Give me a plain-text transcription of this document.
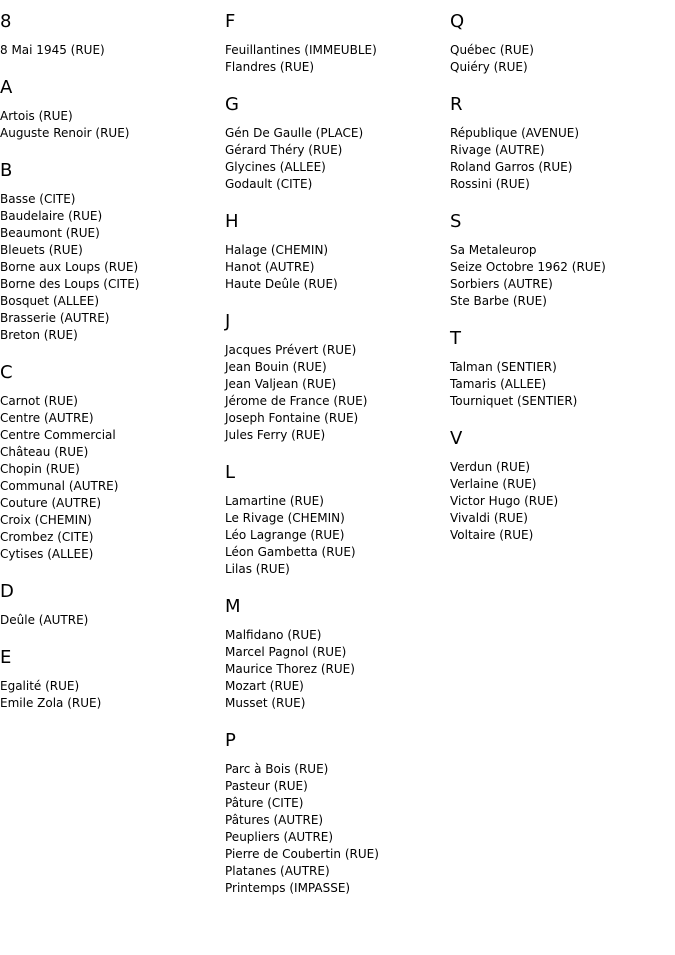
8
8 Mai 1945 (RUE)
A
Artois (RUE)
Auguste Renoir (RUE)
B
Basse (CITE)
Baudelaire (RUE)
Beaumont (RUE)
Bleuets (RUE)
Borne aux Loups (RUE)
Borne des Loups (CITE)
Bosquet (ALLEE)
Brasserie (AUTRE)
Breton (RUE)
C
Carnot (RUE)
Centre (AUTRE)
Centre Commercial
Château (RUE)
Chopin (RUE)
Communal (AUTRE)
Couture (AUTRE)
Croix (CHEMIN)
Crombez (CITE)
Cytises (ALLEE)
D
Deûle (AUTRE)
E
Egalité (RUE)
Emile Zola (RUE)
F
Feuillantines (IMMEUBLE)
Flandres (RUE)
G
Gén De Gaulle (PLACE)
Gérard Théry (RUE)
Glycines (ALLEE)
Godault (CITE)
H
Halage (CHEMIN)
Hanot (AUTRE)
Haute Deûle (RUE)
J
Jacques Prévert (RUE)
Jean Bouin (RUE)
Jean Valjean (RUE)
Jérome de France (RUE)
Joseph Fontaine (RUE)
Jules Ferry (RUE)
L
Lamartine (RUE)
Le Rivage (CHEMIN)
Léo Lagrange (RUE)
Léon Gambetta (RUE)
Lilas (RUE)
M
Malfidano (RUE)
Marcel Pagnol (RUE)
Maurice Thorez (RUE)
Mozart (RUE)
Musset (RUE)
P
Parc à Bois (RUE)
Pasteur (RUE)
Pâture (CITE)
Pâtures (AUTRE)
Peupliers (AUTRE)
Pierre de Coubertin (RUE)
Platanes (AUTRE)
Printemps (IMPASSE)
Q
Québec (RUE)
Quiéry (RUE)
R
République (AVENUE)
Rivage (AUTRE)
Roland Garros (RUE)
Rossini (RUE)
S
Sa Metaleurop
Seize Octobre 1962 (RUE)
Sorbiers (AUTRE)
Ste Barbe (RUE)
T
Talman (SENTIER)
Tamaris (ALLEE)
Tourniquet (SENTIER)
V
Verdun (RUE)
Verlaine (RUE)
Victor Hugo (RUE)
Vivaldi (RUE)
Voltaire (RUE)
